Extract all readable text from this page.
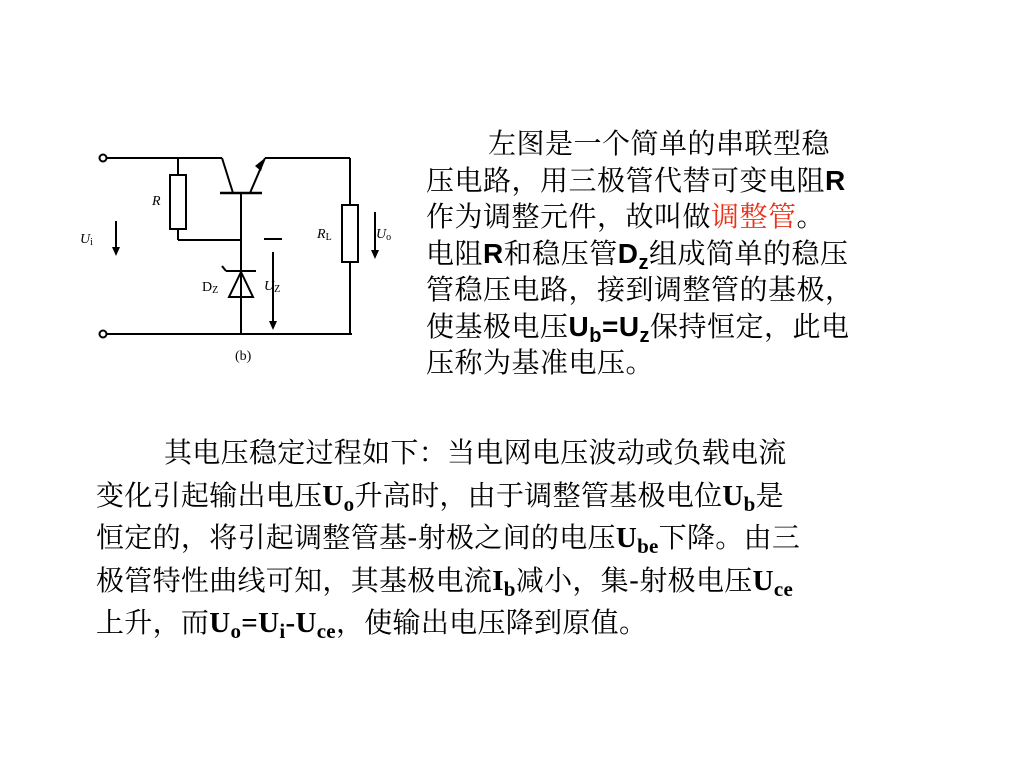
Ui
R
RL	Uo
DZ	UZ
(b)
左图是一个简单的串联型稳
压电路，用三极管代替可变电阻R
作为调整元件，故叫做调整管。
电阻R和稳压管$D_z$组成简单的稳压
管稳压电路，接到调整管的基极，
使基极电压$U_b=U_z$保持恒定，此电
压称为基准电压。
其电压稳定过程如下：当电网电压波动或负载电流
变化引起输出电压$U_o$升高时，由于调整管基极电位$U_b$是
恒定的，将引起调整管基-射极之间的电压$U_{be}$下降。由三
极管特性曲线可知，其基极电流$I_b$减小，集-射极电压$U_{ce}$
上升，而$U_o=U_i-U_{ce}$，使输出电压降到原值。
